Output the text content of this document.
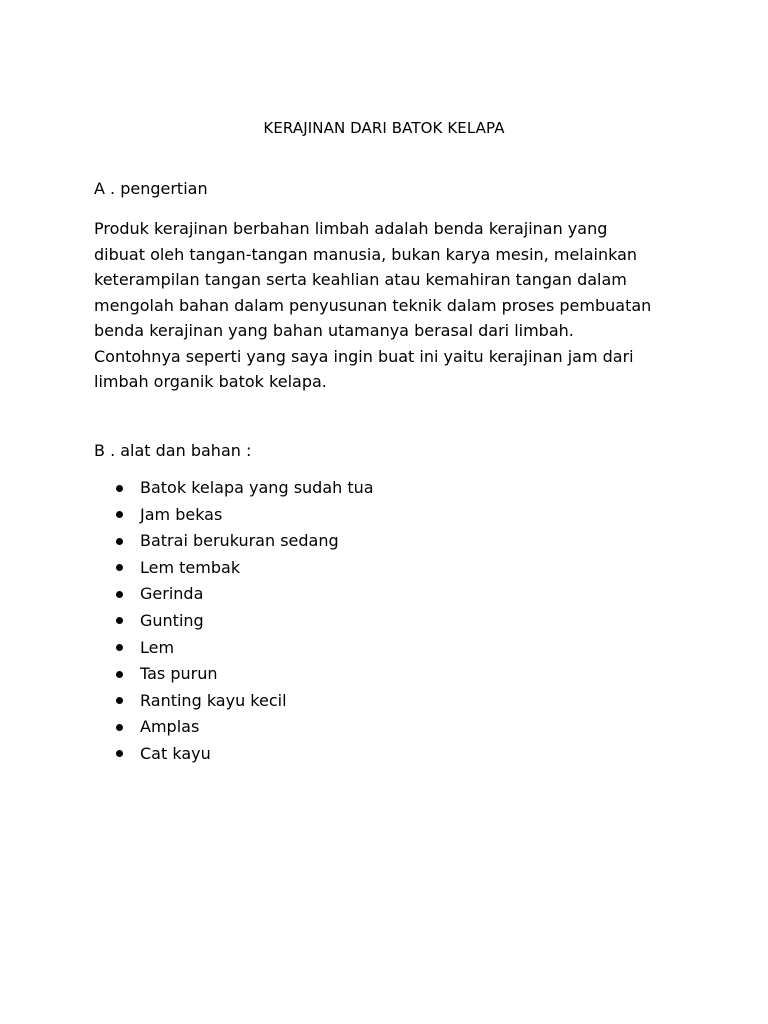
KERAJINAN DARI BATOK KELAPA
A . pengertian

Produk kerajinan berbahan limbah adalah benda kerajinan yang
dibuat oleh tangan-tangan manusia, bukan karya mesin, melainkan
keterampilan tangan serta keahlian atau kemahiran tangan dalam
mengolah bahan dalam penyusunan teknik dalam proses pembuatan
benda kerajinan yang bahan utamanya berasal dari limbah.
Contohnya seperti yang saya ingin buat ini yaitu kerajinan jam dari
limbah organik batok kelapa.

B . alat dan bahan :
Batok kelapa yang sudah tua
Jam bekas
Batrai berukuran sedang
Lem tembak
Gerinda
Gunting
Lem
Tas purun
Ranting kayu kecil
Amplas
Cat kayu
